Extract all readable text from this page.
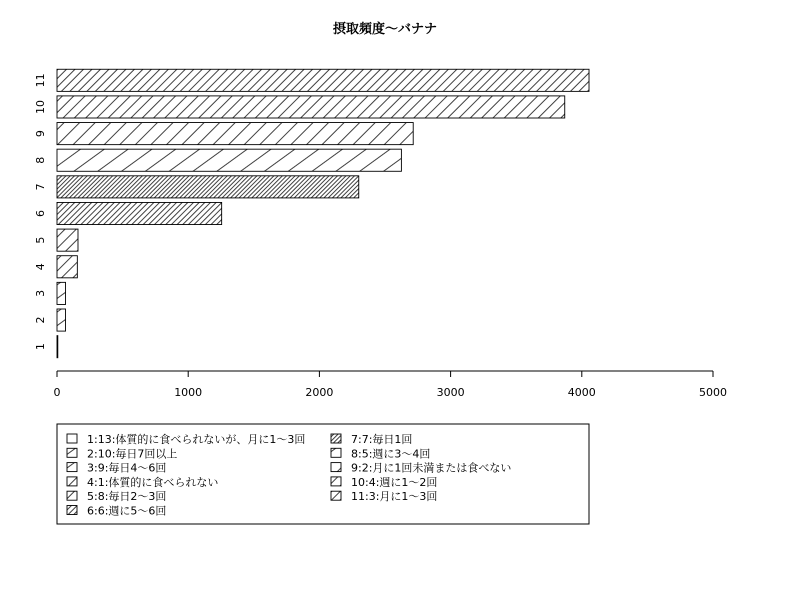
摂取頻度〜バナナ
1
2
3
4
5
6
7
8
9
10
11
0	1000	2000	3000	4000	5000
1:13:体質的に食べられないが、月に1〜3回
2:10:毎日7回以上
3:9:毎日4〜6回
4:1:体質的に食べられない
5:8:毎日2〜3回
6:6:週に5〜6回
7:7:毎日1回
8:5:週に3〜4回
9:2:月に1回未満または食べない
10:4:週に1〜2回
11:3:月に1〜3回
